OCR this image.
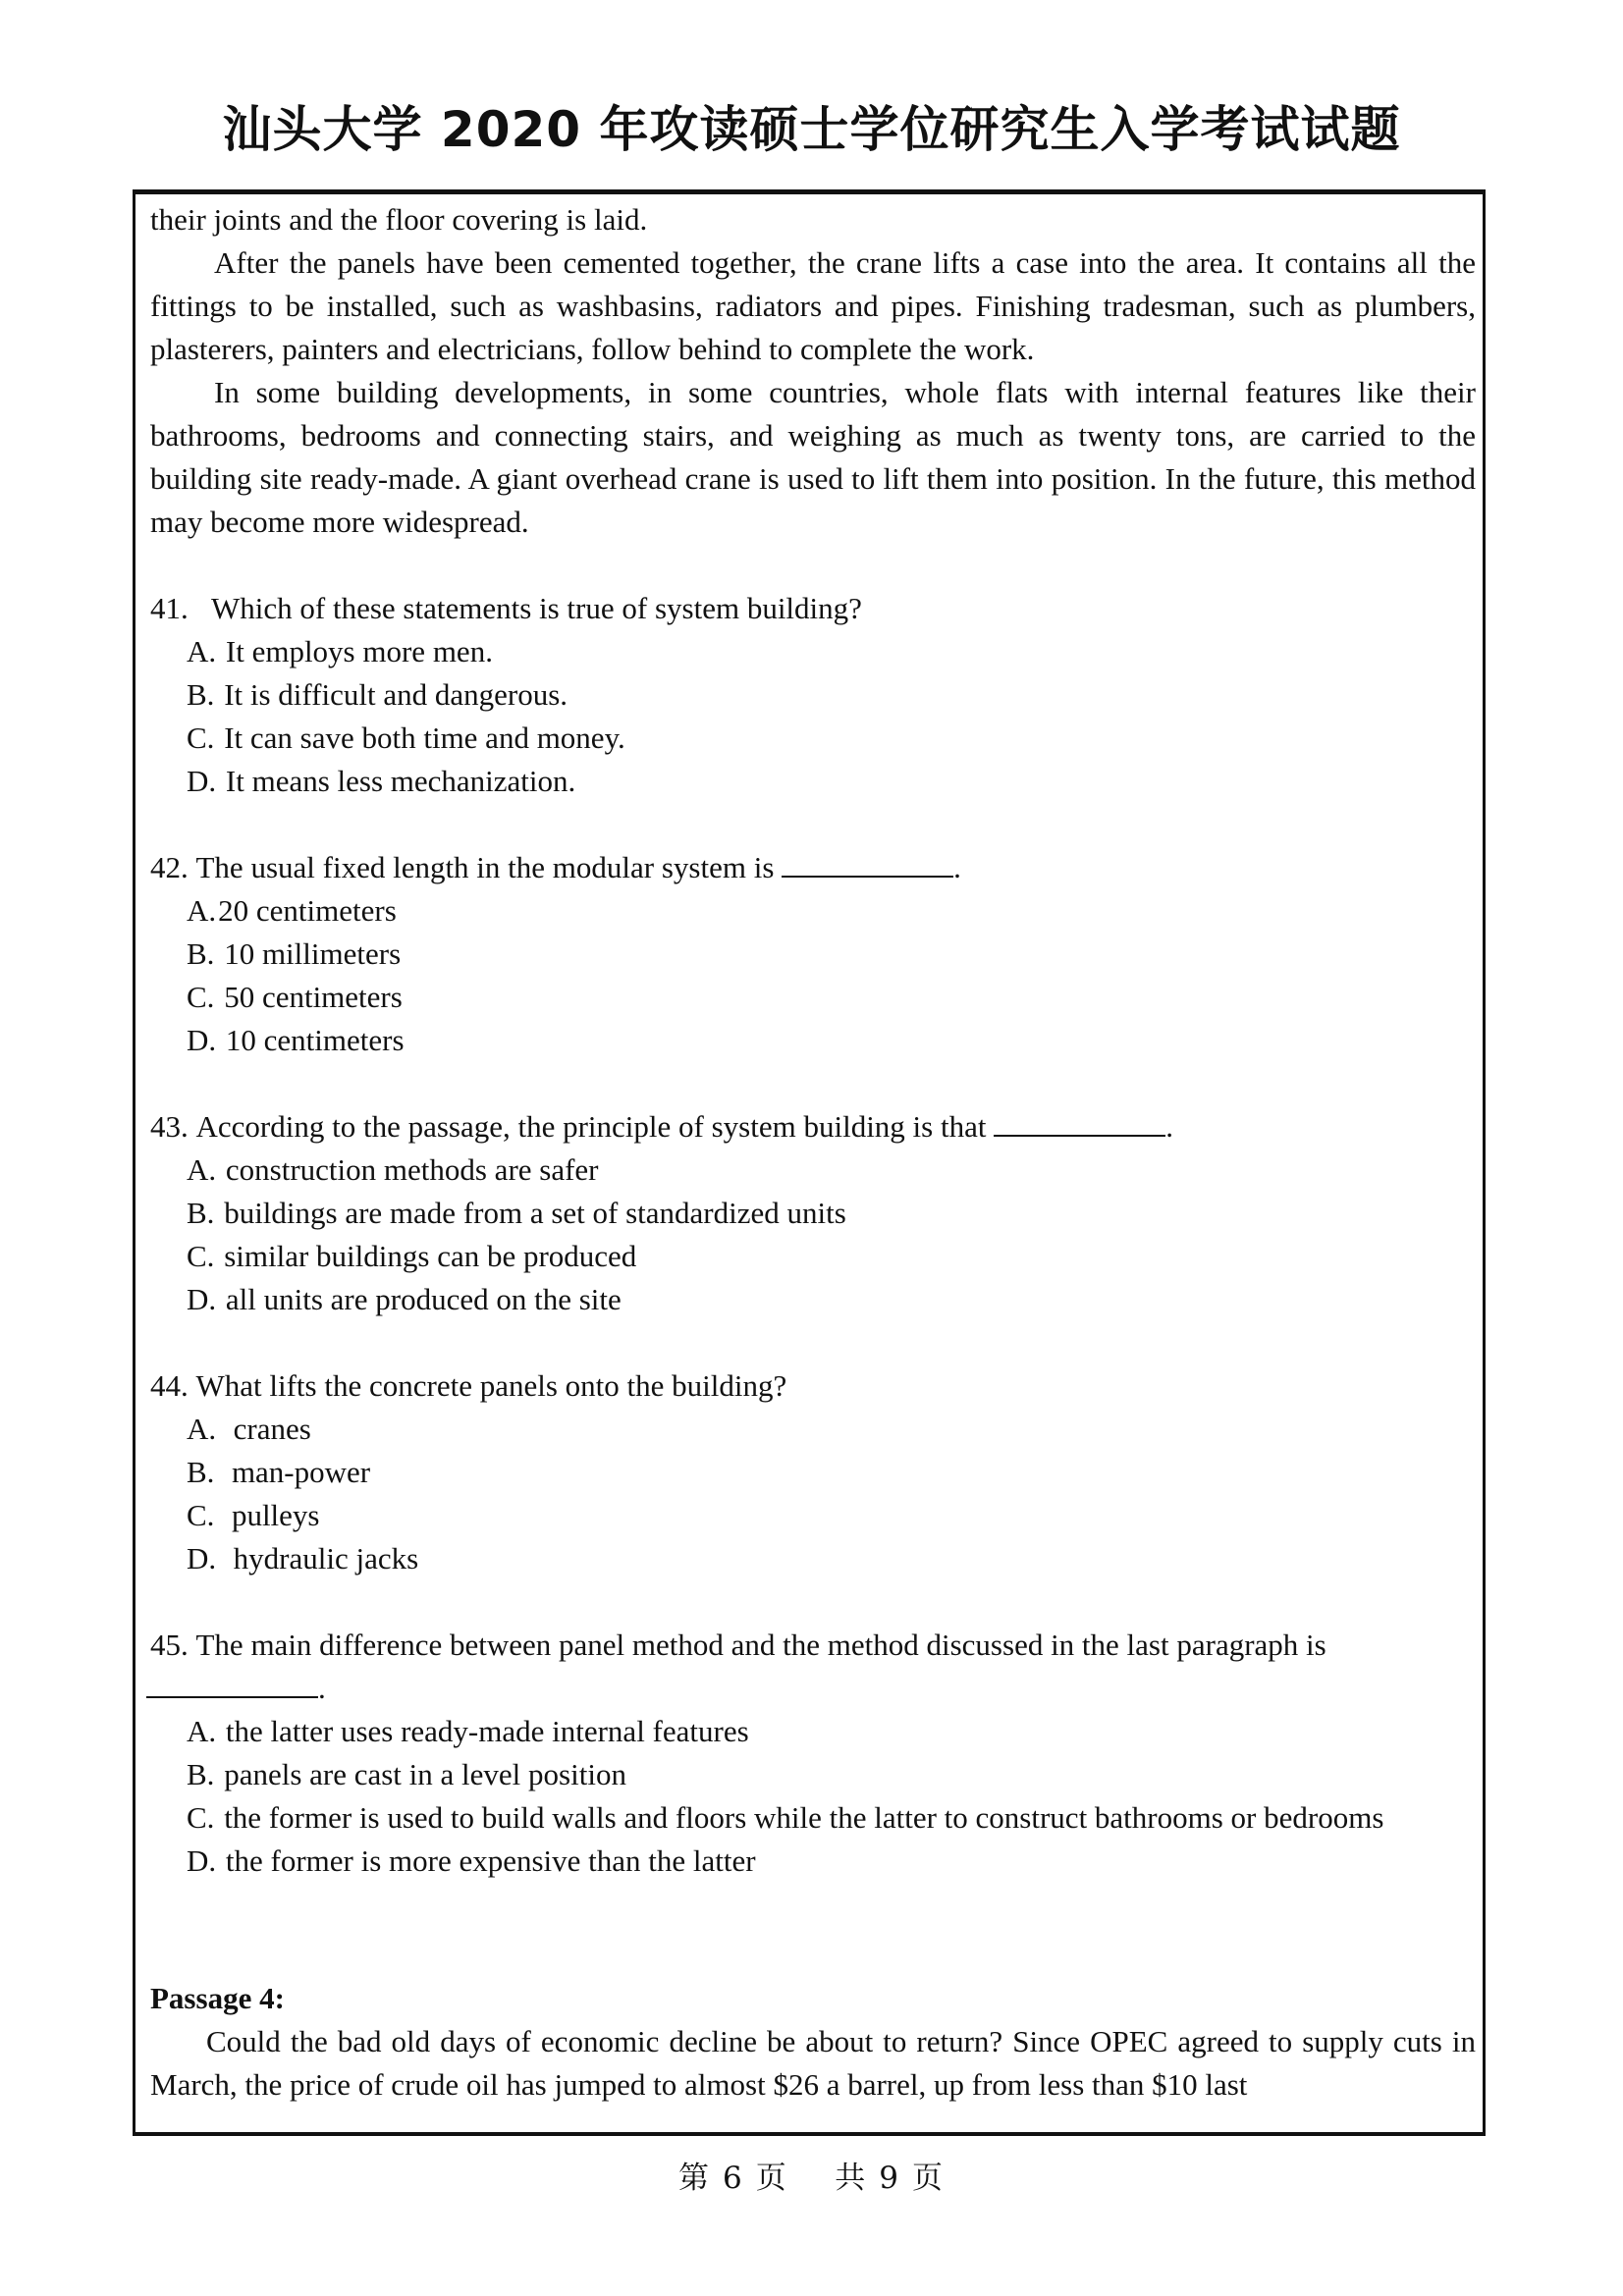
汕头大学 2020 年攻读硕士学位研究生入学考试试题

their joints and the floor covering is laid.

After the panels have been cemented together, the crane lifts a case into the area. It contains all the fittings to be installed, such as washbasins, radiators and pipes. Finishing tradesman, such as plumbers, plasterers, painters and electricians, follow behind to complete the work.

In some building developments, in some countries, whole flats with internal features like their bathrooms, bedrooms and connecting stairs, and weighing as much as twenty tons, are carried to the building site ready-made. A giant overhead crane is used to lift them into position. In the future, this method may become more widespread.

41. Which of these statements is true of system building?

A. It employs more men.

B. It is difficult and dangerous.

C. It can save both time and money.

D. It means less mechanization.

42. The usual fixed length in the modular system is	.

A.20 centimeters

B. 10 millimeters

C. 50 centimeters

D. 10 centimeters

43. According to the passage, the principle of system building is that	.

A. construction methods are safer

B. buildings are made from a set of standardized units

C. similar buildings can be produced

D. all units are produced on the site

44. What lifts the concrete panels onto the building?

A. cranes

B. man-power

C. pulleys

D. hydraulic jacks

45. The main difference between panel method and the method discussed in the last paragraph is
.

A. the latter uses ready-made internal features

B. panels are cast in a level position

C. the former is used to build walls and floors while the latter to construct bathrooms or bedrooms

D. the former is more expensive than the latter

Passage 4:

Could the bad old days of economic decline be about to return? Since OPEC agreed to supply cuts in March, the price of crude oil has jumped to almost $26 a barrel, up from less than $10 last

第 6 页 共 9 页
